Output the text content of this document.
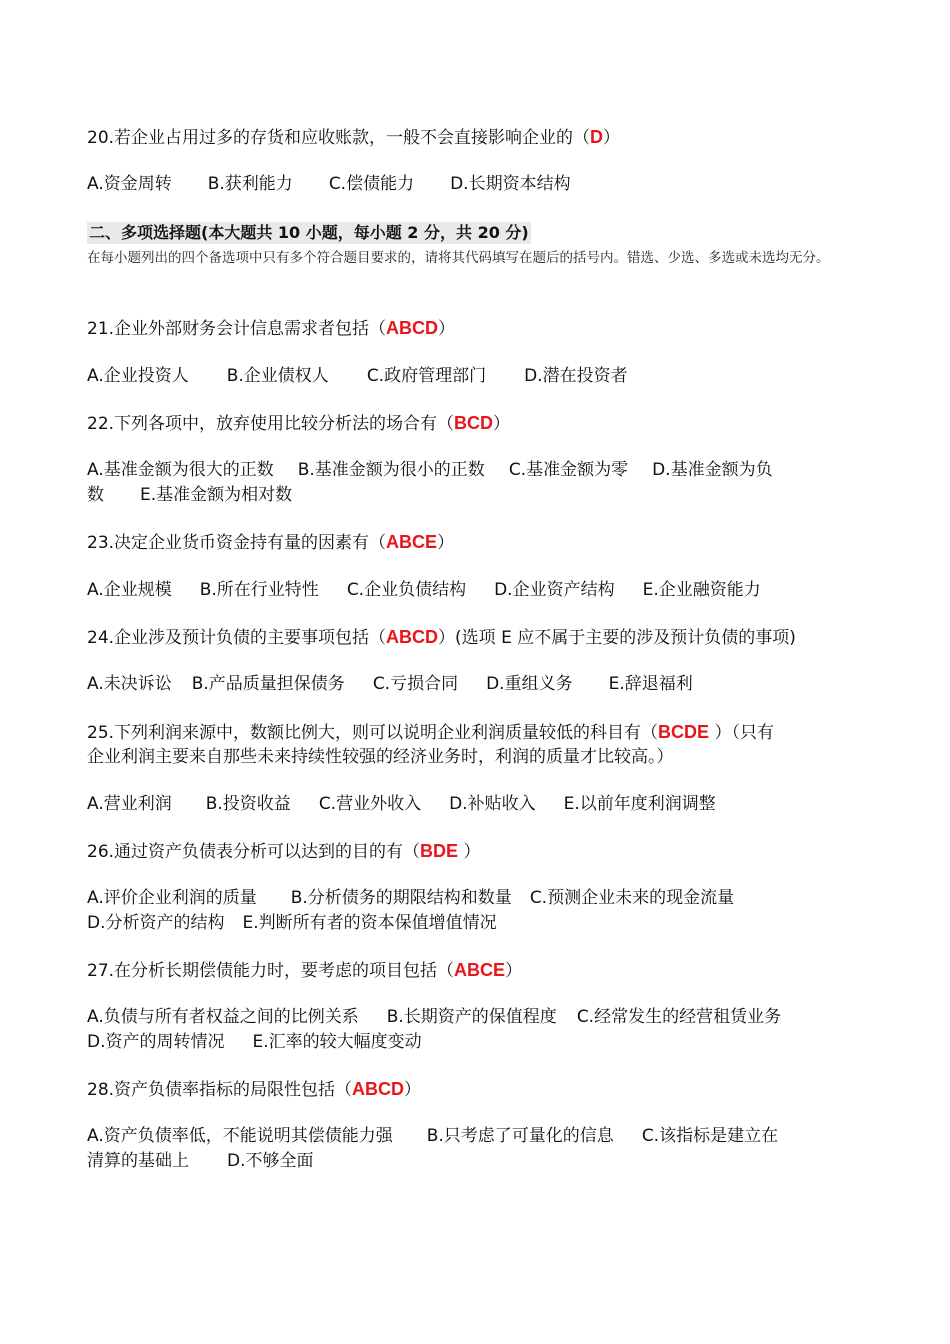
20.若企业占用过多的存货和应收账款，一般不会直接影响企业的（D）
A.资金周转 B.获利能力 C.偿债能力 D.长期资本结构
二、多项选择题(本大题共 10 小题，每小题 2 分，共 20 分)
在每小题列出的四个备选项中只有多个符合题目要求的，请将其代码填写在题后的括号内。错选、少选、多选或未选均无分。
21.企业外部财务会计信息需求者包括（ABCD）
A.企业投资人 B.企业债权人 C.政府管理部门 D.潜在投资者
22.下列各项中，放弃使用比较分析法的场合有（BCD）
A.基准金额为很大的正数 B.基准金额为很小的正数 C.基准金额为零 D.基准金额为负
数 E.基准金额为相对数
23.决定企业货币资金持有量的因素有（ABCE）
A.企业规模 B.所在行业特性 C.企业负债结构 D.企业资产结构 E.企业融资能力
24.企业涉及预计负债的主要事项包括（ABCD）(选项 E 应不属于主要的涉及预计负债的事项)
A.未决诉讼 B.产品质量担保债务 C.亏损合同 D.重组义务 E.辞退福利
25.下列利润来源中，数额比例大，则可以说明企业利润质量较低的科目有（BCDE ）（只有
企业利润主要来自那些未来持续性较强的经济业务时，利润的质量才比较高。）
A.营业利润 B.投资收益 C.营业外收入 D.补贴收入 E.以前年度利润调整
26.通过资产负债表分析可以达到的目的有（BDE ）
A.评价企业利润的质量 B.分析债务的期限结构和数量 C.预测企业未来的现金流量
D.分析资产的结构 E.判断所有者的资本保值增值情况
27.在分析长期偿债能力时，要考虑的项目包括（ABCE）
A.负债与所有者权益之间的比例关系 B.长期资产的保值程度 C.经常发生的经营租赁业务
D.资产的周转情况 E.汇率的较大幅度变动
28.资产负债率指标的局限性包括（ABCD）
A.资产负债率低，不能说明其偿债能力强 B.只考虑了可量化的信息 C.该指标是建立在
清算的基础上 D.不够全面
